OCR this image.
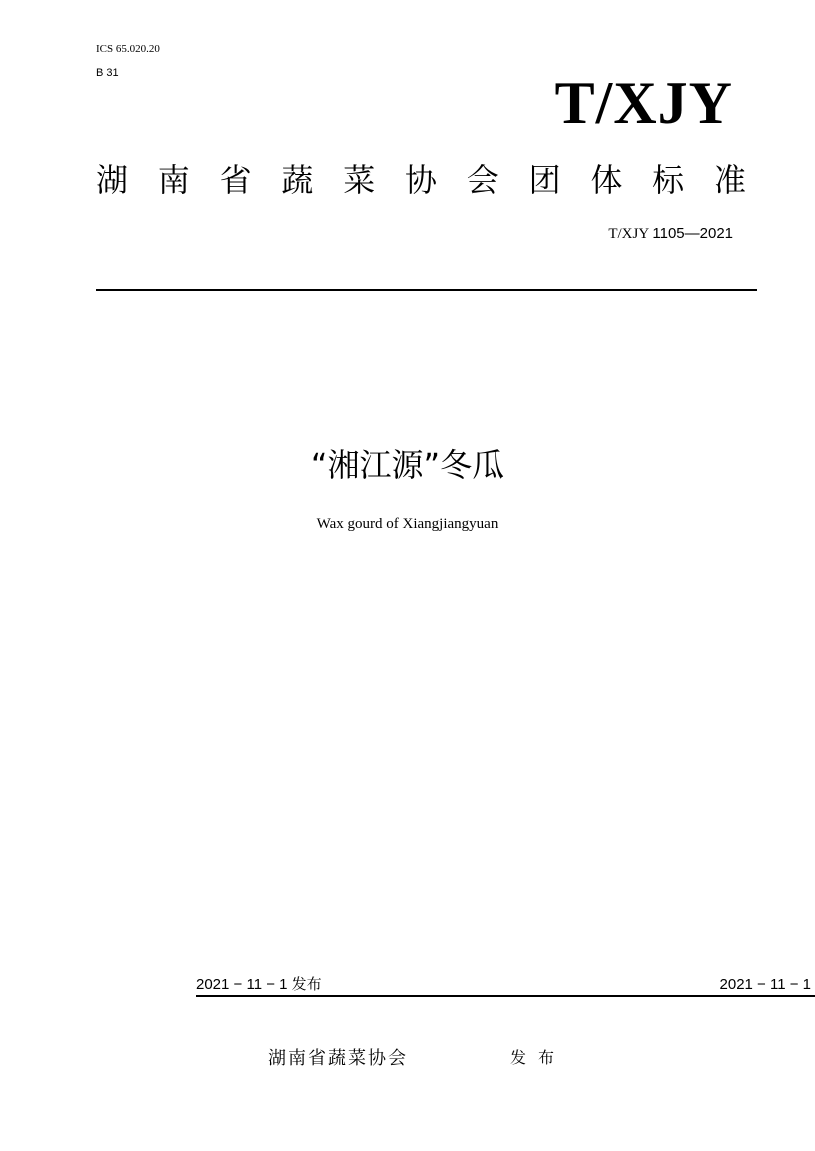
ICS 65.020.20
B 31	T/XJY
湖 南 省 蔬 菜 协 会 团 体 标 准
T/XJY 1105—2021
“湘江源”冬瓜
Wax gourd of Xiangjiangyuan
2021 − 11 − 1 发布	2021 − 11 − 1
湖南省蔬菜协会	发布
